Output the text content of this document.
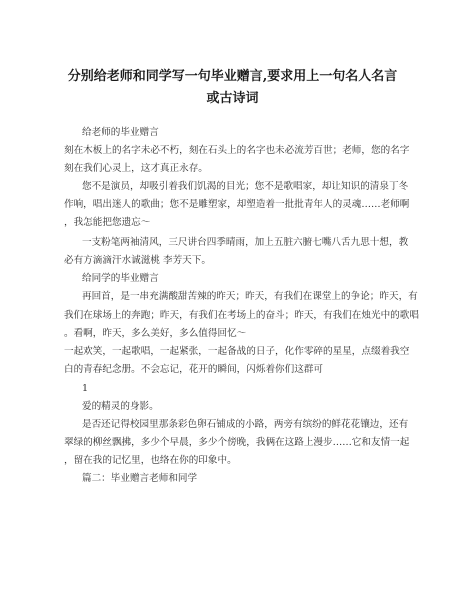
分别给老师和同学写一句毕业赠言,要求用上一句名人名言
或古诗词

给老师的毕业赠言

刻在木板上的名字未必不朽，刻在石头上的名字也未必流芳百世；老师，您的名字

刻在我们心灵上，这才真正永存。

您不是演员，却吸引着我们饥渴的目光；您不是歌唱家，却让知识的清泉丁冬

作响，唱出迷人的歌曲；您不是雕塑家，却塑造着一批批青年人的灵魂……老师啊

，我怎能把您遗忘～

一支粉笔两袖清风，三尺讲台四季晴雨，加上五脏六腑七嘴八舌九思十想，教

必有方滴滴汗水诚滋桃 李芳天下。

给同学的毕业赠言

再回首，是一串充满酸甜苦辣的昨天；昨天，有我们在课堂上的争论；昨天，有

我们在球场上的奔跑；昨天，有我们在考场上的奋斗；昨天，有我们在烛光中的歌唱

。看啊，昨天，多么美好，多么值得回忆～

一起欢笑，一起歌唱，一起紧张，一起备战的日子，化作零碎的星星，点缀着我空

白的青春纪念册。不会忘记，花开的瞬间，闪烁着你们这群可

1

爱的精灵的身影。

是否还记得校园里那条彩色卵石铺成的小路，两旁有缤纷的鲜花花镶边，还有

翠绿的柳丝飘拂，多少个早晨，多少个傍晚，我俩在这路上漫步……它和友情一起

，留在我的记忆里，也络在你的印象中。

篇二：毕业赠言老师和同学
